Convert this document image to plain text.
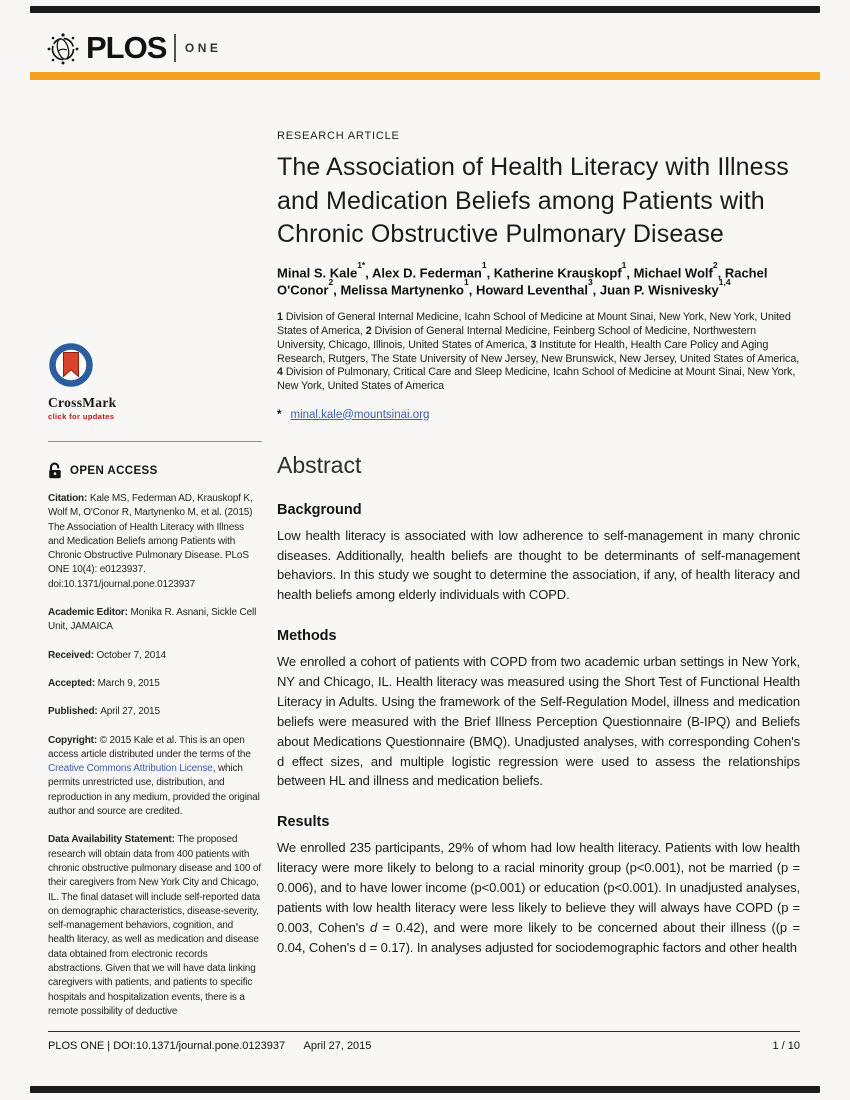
PLOS ONE
RESEARCH ARTICLE
The Association of Health Literacy with Illness and Medication Beliefs among Patients with Chronic Obstructive Pulmonary Disease
Minal S. Kale$^{1*}$, Alex D. Federman$^1$, Katherine Krauskopf$^1$, Michael Wolf$^2$, Rachel O'Conor$^2$, Melissa Martynenko$^1$, Howard Leventhal$^3$, Juan P. Wisnivesky$^{1,4}$
1 Division of General Internal Medicine, Icahn School of Medicine at Mount Sinai, New York, New York, United States of America, 2 Division of General Internal Medicine, Feinberg School of Medicine, Northwestern University, Chicago, Illinois, United States of America, 3 Institute for Health, Health Care Policy and Aging Research, Rutgers, The State University of New Jersey, New Brunswick, New Jersey, United States of America, 4 Division of Pulmonary, Critical Care and Sleep Medicine, Icahn School of Medicine at Mount Sinai, New York, New York, United States of America
* minal.kale@mountsinai.org
Abstract
Background

Low health literacy is associated with low adherence to self-management in many chronic diseases. Additionally, health beliefs are thought to be determinants of self-management behaviors. In this study we sought to determine the association, if any, of health literacy and health beliefs among elderly individuals with COPD.

Methods

We enrolled a cohort of patients with COPD from two academic urban settings in New York, NY and Chicago, IL. Health literacy was measured using the Short Test of Functional Health Literacy in Adults. Using the framework of the Self-Regulation Model, illness and medication beliefs were measured with the Brief Illness Perception Questionnaire (B-IPQ) and Beliefs about Medications Questionnaire (BMQ). Unadjusted analyses, with corresponding Cohen's d effect sizes, and multiple logistic regression were used to assess the relationships between HL and illness and medication beliefs.

Results

We enrolled 235 participants, 29% of whom had low health literacy. Patients with low health literacy were more likely to belong to a racial minority group (p<0.001), not be married (p = 0.006), and to have lower income (p<0.001) or education (p<0.001). In unadjusted analyses, patients with low health literacy were less likely to believe they will always have COPD (p = 0.003, Cohen's d = 0.42), and were more likely to be concerned about their illness ((p = 0.04, Cohen's d = 0.17). In analyses adjusted for sociodemographic factors and other health

CrossMark
click for updates
OPEN ACCESS

Citation: Kale MS, Federman AD, Krauskopf K, Wolf M, O'Conor R, Martynenko M, et al. (2015) The Association of Health Literacy with Illness and Medication Beliefs among Patients with Chronic Obstructive Pulmonary Disease. PLoS ONE 10(4): e0123937. doi:10.1371/journal.pone.0123937

Academic Editor: Monika R. Asnani, Sickle Cell Unit, JAMAICA

Received: October 7, 2014

Accepted: March 9, 2015

Published: April 27, 2015

Copyright: © 2015 Kale et al. This is an open access article distributed under the terms of the Creative Commons Attribution License, which permits unrestricted use, distribution, and reproduction in any medium, provided the original author and source are credited.

Data Availability Statement: The proposed research will obtain data from 400 patients with chronic obstructive pulmonary disease and 100 of their caregivers from New York City and Chicago, IL. The final dataset will include self-reported data on demographic characteristics, disease-severity, self-management behaviors, cognition, and health literacy, as well as medication and disease data obtained from electronic records abstractions. Given that we will have data linking caregivers with patients, and patients to specific hospitals and hospitalization events, there is a remote possibility of deductive

PLOS ONE | DOI:10.1371/journal.pone.0123937 April 27, 2015	1 / 10
